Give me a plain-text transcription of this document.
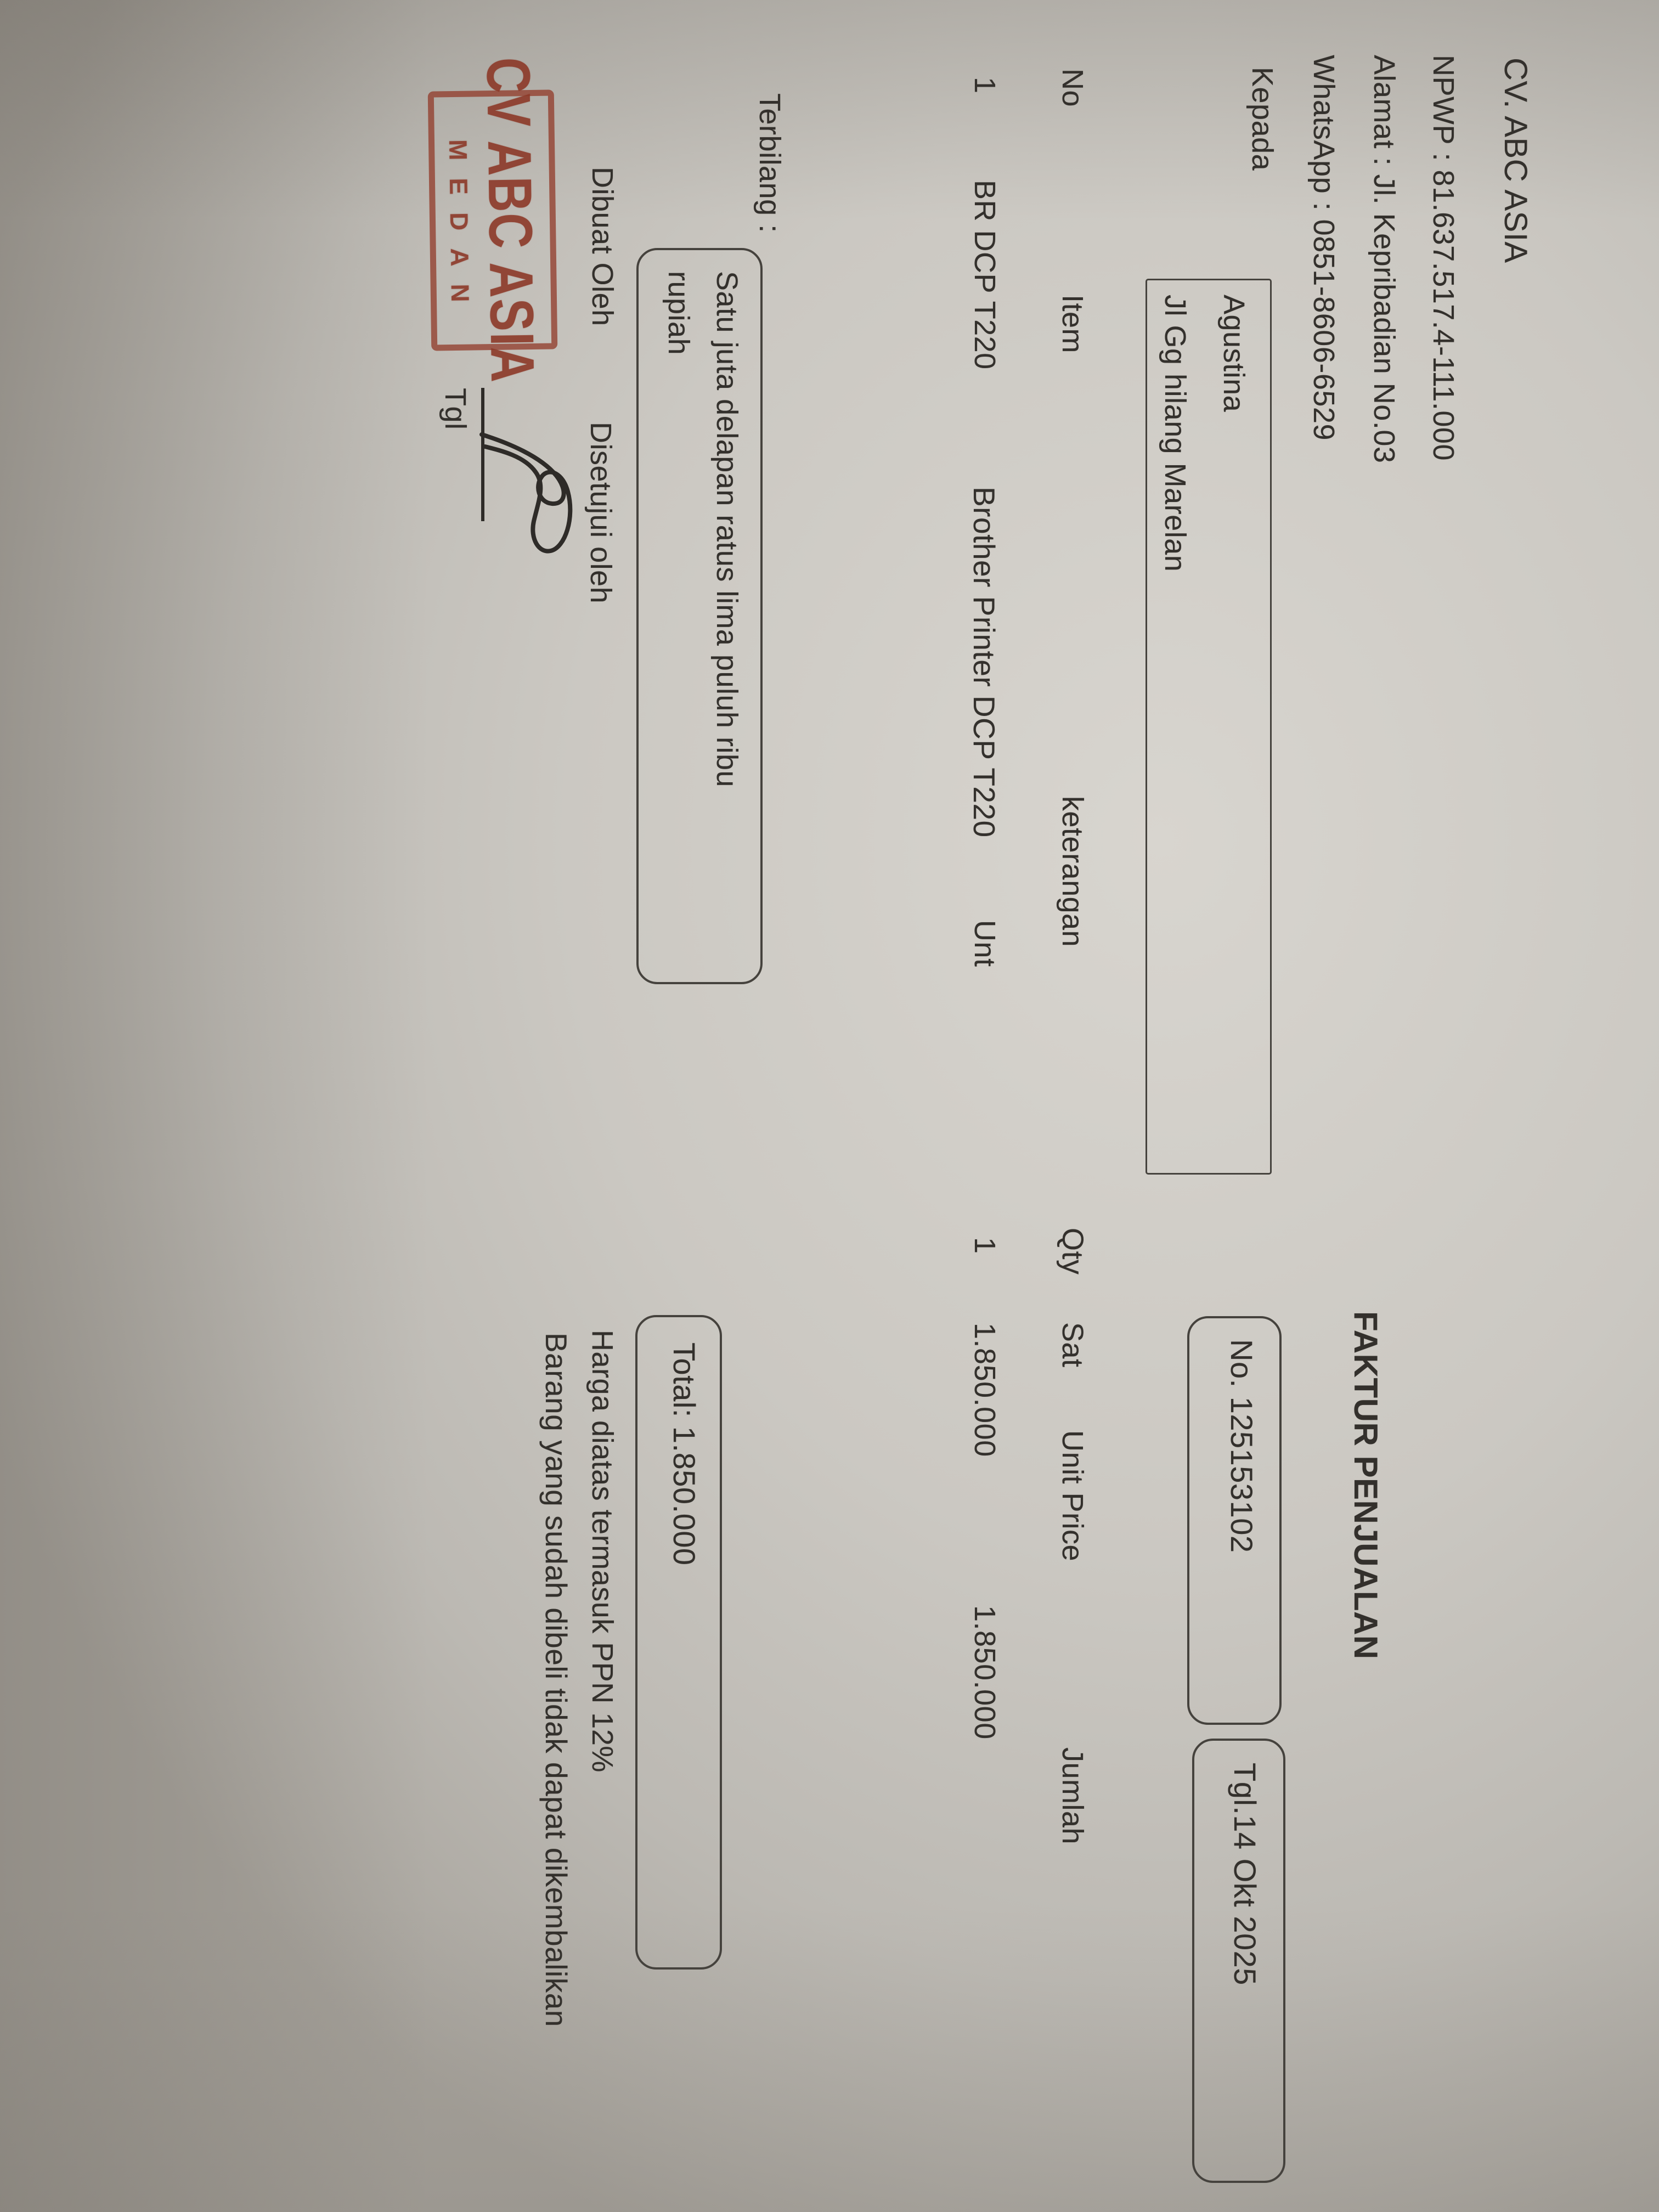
CV. ABC ASIA
NPWP : 81.637.517.4-111.000
Alamat : Jl. Kepribadian No.03
WhatsApp : 0851-8606-6529
FAKTUR PENJUALAN
No. 125153102
Tgl.14 Okt 2025
Kepada
Agustina
Jl Gg hilang Marelan
No
Item
keterangan
Qty
Sat
Unit Price
Jumlah
1
BR DCP T220
Brother Printer DCP T220
Unt
1
1.850.000
1.850.000
Terbilang :
Satu juta delapan ratus lima puluh ribu
rupiah
Total: 1.850.000
Harga diatas termasuk PPN 12%
Barang yang sudah dibeli tidak dapat dikembalikan
Dibuat Oleh
Disetujui oleh
CV ABC ASIA
MEDAN
Tgl
